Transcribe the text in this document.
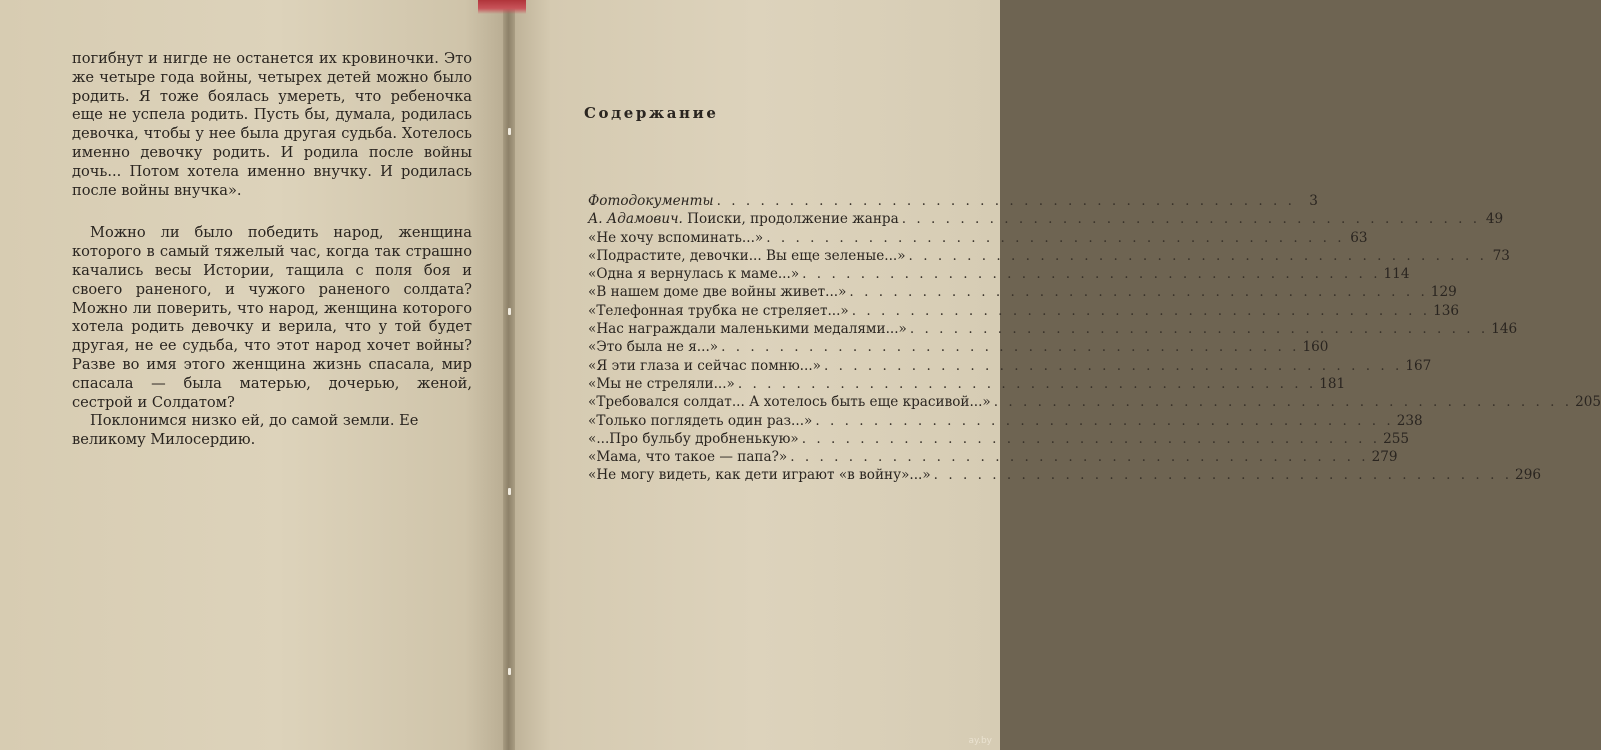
погибнут и нигде не останется их кровиночки. Это же четыре года войны, четырех детей можно было родить. Я тоже боялась умереть, что ребеночка еще не успела родить. Пусть бы, думала, родилась девочка, чтобы у нее была другая судьба. Хотелось именно девочку родить. И родила после войны дочь... Потом хотела именно внучку. И родилась после войны внучка».

Можно ли было победить народ, женщина которого в самый тяжелый час, когда так страшно качались весы Истории, тащила с поля боя и своего раненого, и чужого раненого солдата? Можно ли поверить, что народ, женщина которого хотела родить девочку и верила, что у той будет другая, не ее судьба, что этот народ хочет войны? Разве во имя этого женщина жизнь спасала, мир спасала — была матерью, дочерью, женой, сестрой и Солдатом?

Поклонимся низко ей, до самой земли. Ее великому Милосердию.

Содержание
Фотодокументы . . . . . . . . . . . . . . . . . . . . . . . . . . . . . . . . . . . . . . . .	3
А. Адамович. Поиски, продолжение жанра . . . . . . . . . . . . . . . . . . . . . . . . . . . . . . . . . . . . . . . . 49
«Не хочу вспоминать...» . . . . . . . . . . . . . . . . . . . . . . . . . . . . . . . . . . . . . . . . 63
«Подрастите, девочки... Вы еще зеленые...» . . . . . . . . . . . . . . . . . . . . . . . . . . . . . . . . . . . . . . . . 73
«Одна я вернулась к маме...» . . . . . . . . . . . . . . . . . . . . . . . . . . . . . . . . . . . . . . . . 114
«В нашем доме две войны живет...» . . . . . . . . . . . . . . . . . . . . . . . . . . . . . . . . . . . . . . . . 129
«Телефонная трубка не стреляет...» . . . . . . . . . . . . . . . . . . . . . . . . . . . . . . . . . . . . . . . . 136
«Нас награждали маленькими медалями...» . . . . . . . . . . . . . . . . . . . . . . . . . . . . . . . . . . . . . . . . 146
«Это была не я...» . . . . . . . . . . . . . . . . . . . . . . . . . . . . . . . . . . . . . . . . 160
«Я эти глаза и сейчас помню...» . . . . . . . . . . . . . . . . . . . . . . . . . . . . . . . . . . . . . . . . 167
«Мы не стреляли...» . . . . . . . . . . . . . . . . . . . . . . . . . . . . . . . . . . . . . . . . 181
«Требовался солдат... А хотелось быть еще красивой...» . . . . . . . . . . . . . . . . . . . . . . . . . . . . . . . . . . . . . . . . 205
«Только поглядеть один раз...» . . . . . . . . . . . . . . . . . . . . . . . . . . . . . . . . . . . . . . . . 238
«...Про бульбу дробненькую» . . . . . . . . . . . . . . . . . . . . . . . . . . . . . . . . . . . . . . . . 255
«Мама, что такое — папа?» . . . . . . . . . . . . . . . . . . . . . . . . . . . . . . . . . . . . . . . . 279
«Не могу видеть, как дети играют «в войну»...» . . . . . . . . . . . . . . . . . . . . . . . . . . . . . . . . . . . . . . . . 296
ay.by
